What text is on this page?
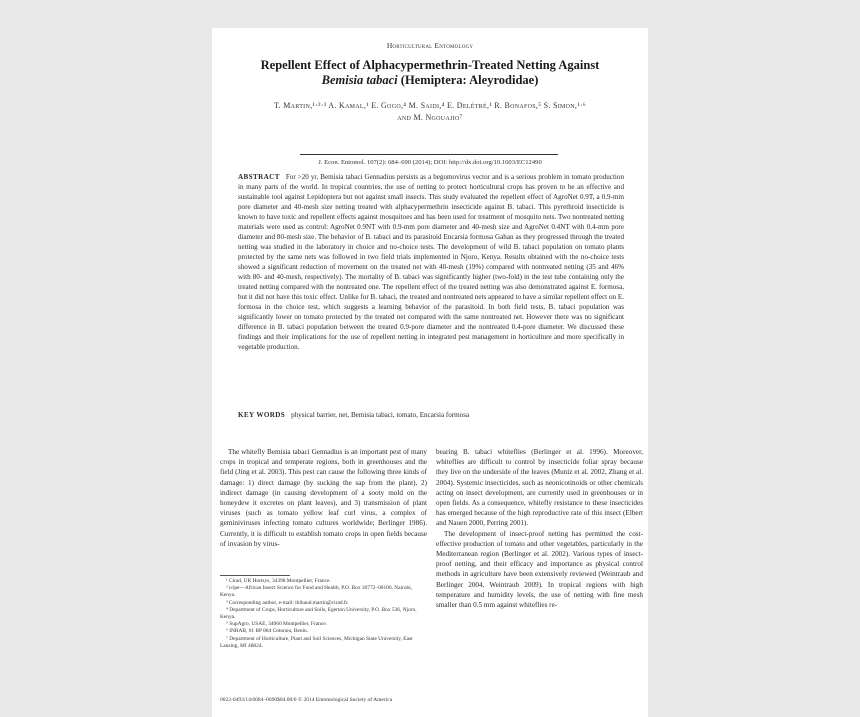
Horticultural Entomology
Repellent Effect of Alphacypermethrin-Treated Netting Against
Bemisia tabaci (Hemiptera: Aleyrodidae)
T. Martin,¹·²·³ A. Kamal,¹ E. Gogo,⁴ M. Saidi,⁴ E. Delétré,¹ R. Bonafos,⁵ S. Simon,¹·⁶
and M. Ngouajio⁷
J. Econ. Entomol. 107(2): 684–690 (2014); DOI: http://dx.doi.org/10.1603/EC12490
ABSTRACT For >20 yr, Bemisia tabaci Gennadius persists as a begomovirus vector and is a serious problem in tomato production in many parts of the world. In tropical countries, the use of netting to protect horticultural crops has proven to be an effective and sustainable tool against Lepidoptera but not against small insects. This study evaluated the repellent effect of AgroNet 0.9T, a 0.9-mm pore diameter and 40-mesh size netting treated with alphacypermethrin insecticide against B. tabaci. This pyrethroid insecticide is known to have toxic and repellent effects against mosquitoes and has been used for treatment of mosquito nets. Two nontreated netting materials were used as control: AgroNet 0.9NT with 0.9-mm pore diameter and 40-mesh size and AgroNet 0.4NT with 0.4-mm pore diameter and 80-mesh size. The behavior of B. tabaci and its parasitoid Encarsia formosa Gahan as they progressed through the treated netting was studied in the laboratory in choice and no-choice tests. The development of wild B. tabaci population on tomato plants protected by the same nets was followed in two field trials implemented in Njoro, Kenya. Results obtained with the no-choice tests showed a significant reduction of movement on the treated net with 40-mesh (19%) compared with nontreated netting (35 and 46% with 80- and 40-mesh, respectively). The mortality of B. tabaci was significantly higher (two-fold) in the test tube containing only the treated netting compared with the nontreated one. The repellent effect of the treated netting was also demonstrated against E. formosa, but it did not have this toxic effect. Unlike for B. tabaci, the treated and nontreated nets appeared to have a similar repellent effect on E. formosa in the choice test, which suggests a learning behavior of the parasitoid. In both field tests, B. tabaci population was significantly lower on tomato protected by the treated net compared with the same nontreated net. However there was no significant difference in B. tabaci population between the treated 0.9-pore diameter and the nontreated 0.4-pore diameter. We discussed these findings and their implications for the use of repellent netting in integrated pest management in horticulture and more specifically in vegetable production.
KEY WORDS physical barrier, net, Bemisia tabaci, tomato, Encarsia formosa

The whitefly Bemisia tabaci Gennadius is an important pest of many crops in tropical and temperate regions, both in greenhouses and the field (Jing et al. 2003). This pest can cause the following three kinds of damage: 1) direct damage (by sucking the sap from the plant), 2) indirect damage (in causing development of a sooty mold on the honeydew it excretes on plant leaves), and 3) transmission of plant viruses (such as tomato yellow leaf curl virus, a complex of geminiviruses infecting tomato cultures worldwide; Berlinger 1986). Currently, it is difficult to establish tomato crops in open fields because of invasion by virus-

bearing B. tabaci whiteflies (Berlinger et al. 1996). Moreover, whiteflies are difficult to control by insecticide foliar spray because they live on the underside of the leaves (Muniz et al. 2002, Zhang et al. 2004). Systemic insecticides, such as neonicotinoids or other chemicals acting on insect development, are currently used in greenhouses or in open fields. As a consequence, whitefly resistance to these insecticides has emerged because of the high reproductive rate of this insect (Elbert and Nauen 2000, Perring 2001).

The development of insect-proof netting has permitted the cost-effective production of tomato and other vegetables, particularly in the Mediterranean region (Berlinger et al. 2002). Various types of insect-proof netting, and their efficacy and importance as physical control methods in agriculture have been extensively reviewed (Weintraub and Berlinger 2004, Weintraub 2009). In tropical regions with high temperature and humidity levels, the use of netting with fine mesh smaller than 0.5 mm against whiteflies re-

¹ Cirad, UR Hortsys, 34398 Montpellier, France.
² icipe—African Insect Science for Food and Health, P.O. Box 30772–00100, Nairobi, Kenya.
³ Corresponding author, e-mail: thibaud.martin@cirad.fr.
⁴ Department of Crops, Horticulture and Soils, Egerton University, P.O. Box 536, Njoro, Kenya.
⁵ SupAgro, USAE, 34060 Montpellier, France.
⁶ INRAB, 01 BP 884 Cotonou, Benin.
⁷ Department of Horticulture, Plant and Soil Sciences, Michigan State University, East Lansing, MI 48824.
0022-0493/14/0684–0690$04.00/0 © 2014 Entomological Society of America
